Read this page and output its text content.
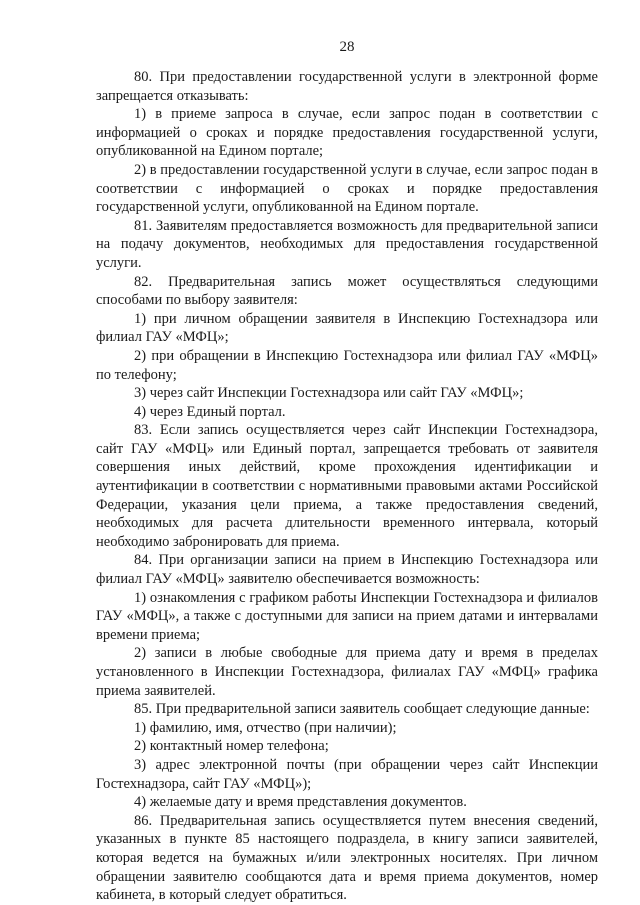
28

80. При предоставлении государственной услуги в электронной форме запрещается отказывать:

1) в приеме запроса в случае, если запрос подан в соответствии с информацией о сроках и порядке предоставления государственной услуги, опубликованной на Едином портале;

2) в предоставлении государственной услуги в случае, если запрос подан в соответствии с информацией о сроках и порядке предоставления государственной услуги, опубликованной на Едином портале.

81. Заявителям предоставляется возможность для предварительной записи на подачу документов, необходимых для предоставления государственной услуги.

82. Предварительная запись может осуществляться следующими способами по выбору заявителя:

1) при личном обращении заявителя в Инспекцию Гостехнадзора или филиал ГАУ «МФЦ»;

2) при обращении в Инспекцию Гостехнадзора или филиал ГАУ «МФЦ» по телефону;

3) через сайт Инспекции Гостехнадзора или сайт ГАУ «МФЦ»;

4) через Единый портал.

83. Если запись осуществляется через сайт Инспекции Гостехнадзора, сайт ГАУ «МФЦ» или Единый портал, запрещается требовать от заявителя совершения иных действий, кроме прохождения идентификации и аутентификации в соответствии с нормативными правовыми актами Российской Федерации, указания цели приема, а также предоставления сведений, необходимых для расчета длительности временного интервала, который необходимо забронировать для приема.

84. При организации записи на прием в Инспекцию Гостехнадзора или филиал ГАУ «МФЦ» заявителю обеспечивается возможность:

1) ознакомления с графиком работы Инспекции Гостехнадзора и филиалов ГАУ «МФЦ», а также с доступными для записи на прием датами и интервалами времени приема;

2) записи в любые свободные для приема дату и время в пределах установленного в Инспекции Гостехнадзора, филиалах ГАУ «МФЦ» графика приема заявителей.

85. При предварительной записи заявитель сообщает следующие данные:

1) фамилию, имя, отчество (при наличии);

2) контактный номер телефона;

3) адрес электронной почты (при обращении через сайт Инспекции Гостехнадзора, сайт ГАУ «МФЦ»);

4) желаемые дату и время представления документов.

86. Предварительная запись осуществляется путем внесения сведений, указанных в пункте 85 настоящего подраздела, в книгу записи заявителей, которая ведется на бумажных и/или электронных носителях. При личном обращении заявителю сообщаются дата и время приема документов, номер кабинета, в который следует обратиться.
